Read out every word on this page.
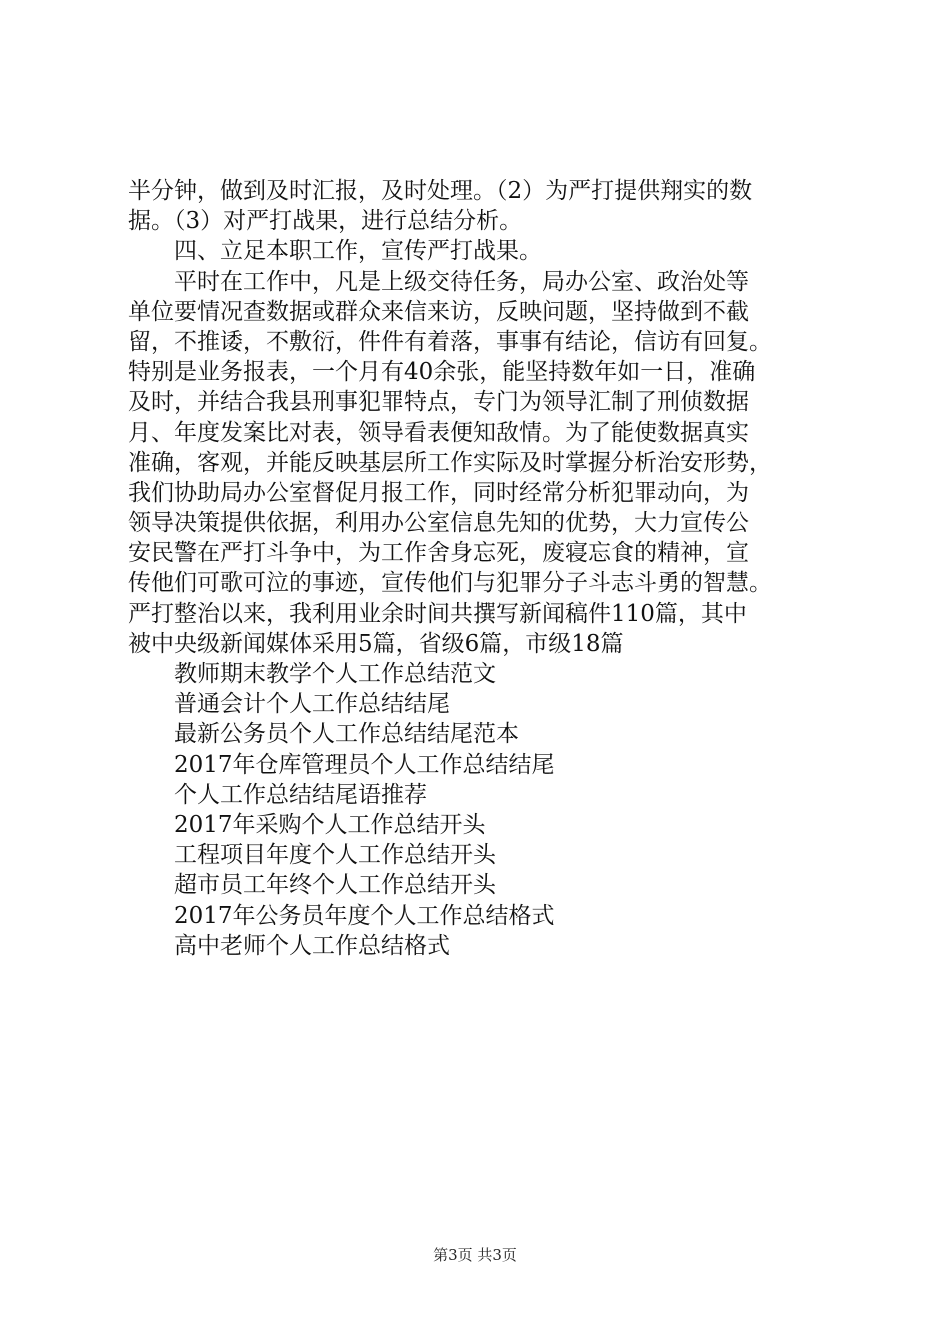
半分钟，做到及时汇报，及时处理。（2）为严打提供翔实的数
据。（3）对严打战果，进行总结分析。
四、立足本职工作，宣传严打战果。
平时在工作中，凡是上级交待任务，局办公室、政治处等
单位要情况查数据或群众来信来访，反映问题，坚持做到不截
留，不推诿，不敷衍，件件有着落，事事有结论，信访有回复。
特别是业务报表，一个月有40余张，能坚持数年如一日，准确
及时，并结合我县刑事犯罪特点，专门为领导汇制了刑侦数据
月、年度发案比对表，领导看表便知敌情。为了能使数据真实
准确，客观，并能反映基层所工作实际及时掌握分析治安形势，
我们协助局办公室督促月报工作，同时经常分析犯罪动向，为
领导决策提供依据，利用办公室信息先知的优势，大力宣传公
安民警在严打斗争中，为工作舍身忘死，废寝忘食的精神，宣
传他们可歌可泣的事迹，宣传他们与犯罪分子斗志斗勇的智慧。
严打整治以来，我利用业余时间共撰写新闻稿件110篇，其中
被中央级新闻媒体采用5篇，省级6篇，市级18篇
教师期末教学个人工作总结范文
普通会计个人工作总结结尾
最新公务员个人工作总结结尾范本
2017年仓库管理员个人工作总结结尾
个人工作总结结尾语推荐
2017年采购个人工作总结开头
工程项目年度个人工作总结开头
超市员工年终个人工作总结开头
2017年公务员年度个人工作总结格式
高中老师个人工作总结格式
第3页 共3页
